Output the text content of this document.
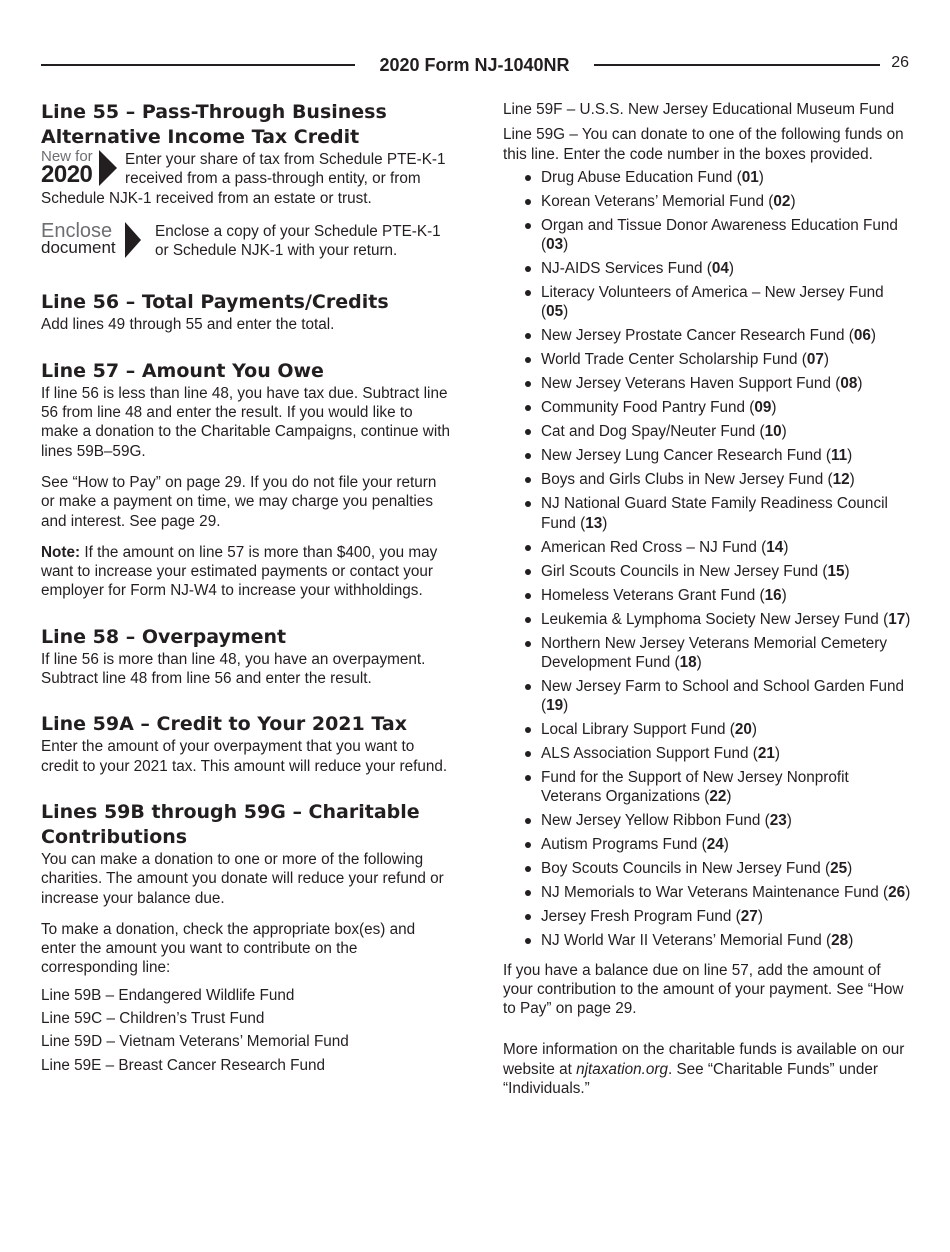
2020 Form NJ-1040NR	26
Line 55 – Pass-Through Business Alternative Income Tax Credit
New for
2020

Enter your share of tax from Schedule PTE-K-1 received from a pass-through entity, or from Schedule NJK-1 received from an estate or trust.

Enclose
document

Enclose a copy of your Schedule PTE-K-1 or Schedule NJK-1 with your return.

Line 56 – Total Payments/Credits

Add lines 49 through 55 and enter the total.

Line 57 – Amount You Owe

If line 56 is less than line 48, you have tax due. Subtract line 56 from line 48 and enter the result. If you would like to make a donation to the Charitable Campaigns, continue with lines 59B–59G.

See “How to Pay” on page 29. If you do not file your return or make a payment on time, we may charge you penalties and interest. See page 29.

Note: If the amount on line 57 is more than $400, you may want to increase your estimated payments or contact your employer for Form NJ-W4 to increase your withholdings.

Line 58 – Overpayment

If line 56 is more than line 48, you have an overpayment. Subtract line 48 from line 56 and enter the result.

Line 59A – Credit to Your 2021 Tax

Enter the amount of your overpayment that you want to credit to your 2021 tax. This amount will reduce your refund.

Lines 59B through 59G – Charitable Contributions

You can make a donation to one or more of the following charities. The amount you donate will reduce your refund or increase your balance due.

To make a donation, check the appropriate box(es) and enter the amount you want to contribute on the corresponding line:

Line 59B – Endangered Wildlife Fund
Line 59C – Children’s Trust Fund
Line 59D – Vietnam Veterans’ Memorial Fund
Line 59E – Breast Cancer Research Fund

Line 59F – U.S.S. New Jersey Educational Museum Fund

Line 59G – You can donate to one of the following funds on this line. Enter the code number in the boxes provided.

Drug Abuse Education Fund (01)
Korean Veterans’ Memorial Fund (02)
Organ and Tissue Donor Awareness Education Fund (03)
NJ-AIDS Services Fund (04)
Literacy Volunteers of America – New Jersey Fund (05)
New Jersey Prostate Cancer Research Fund (06)
World Trade Center Scholarship Fund (07)
New Jersey Veterans Haven Support Fund (08)
Community Food Pantry Fund (09)
Cat and Dog Spay/Neuter Fund (10)
New Jersey Lung Cancer Research Fund (11)
Boys and Girls Clubs in New Jersey Fund (12)
NJ National Guard State Family Readiness Council Fund (13)
American Red Cross – NJ Fund (14)
Girl Scouts Councils in New Jersey Fund (15)
Homeless Veterans Grant Fund (16)
Leukemia & Lymphoma Society New Jersey Fund (17)
Northern New Jersey Veterans Memorial Cemetery Development Fund (18)
New Jersey Farm to School and School Garden Fund (19)
Local Library Support Fund (20)
ALS Association Support Fund (21)
Fund for the Support of New Jersey Nonprofit Veterans Organizations (22)
New Jersey Yellow Ribbon Fund (23)
Autism Programs Fund (24)
Boy Scouts Councils in New Jersey Fund (25)
NJ Memorials to War Veterans Maintenance Fund (26)
Jersey Fresh Program Fund (27)
NJ World War II Veterans’ Memorial Fund (28)

If you have a balance due on line 57, add the amount of your contribution to the amount of your payment. See “How to Pay” on page 29.

More information on the charitable funds is available on our website at njtaxation.org. See “Charitable Funds” under “Individuals.”
